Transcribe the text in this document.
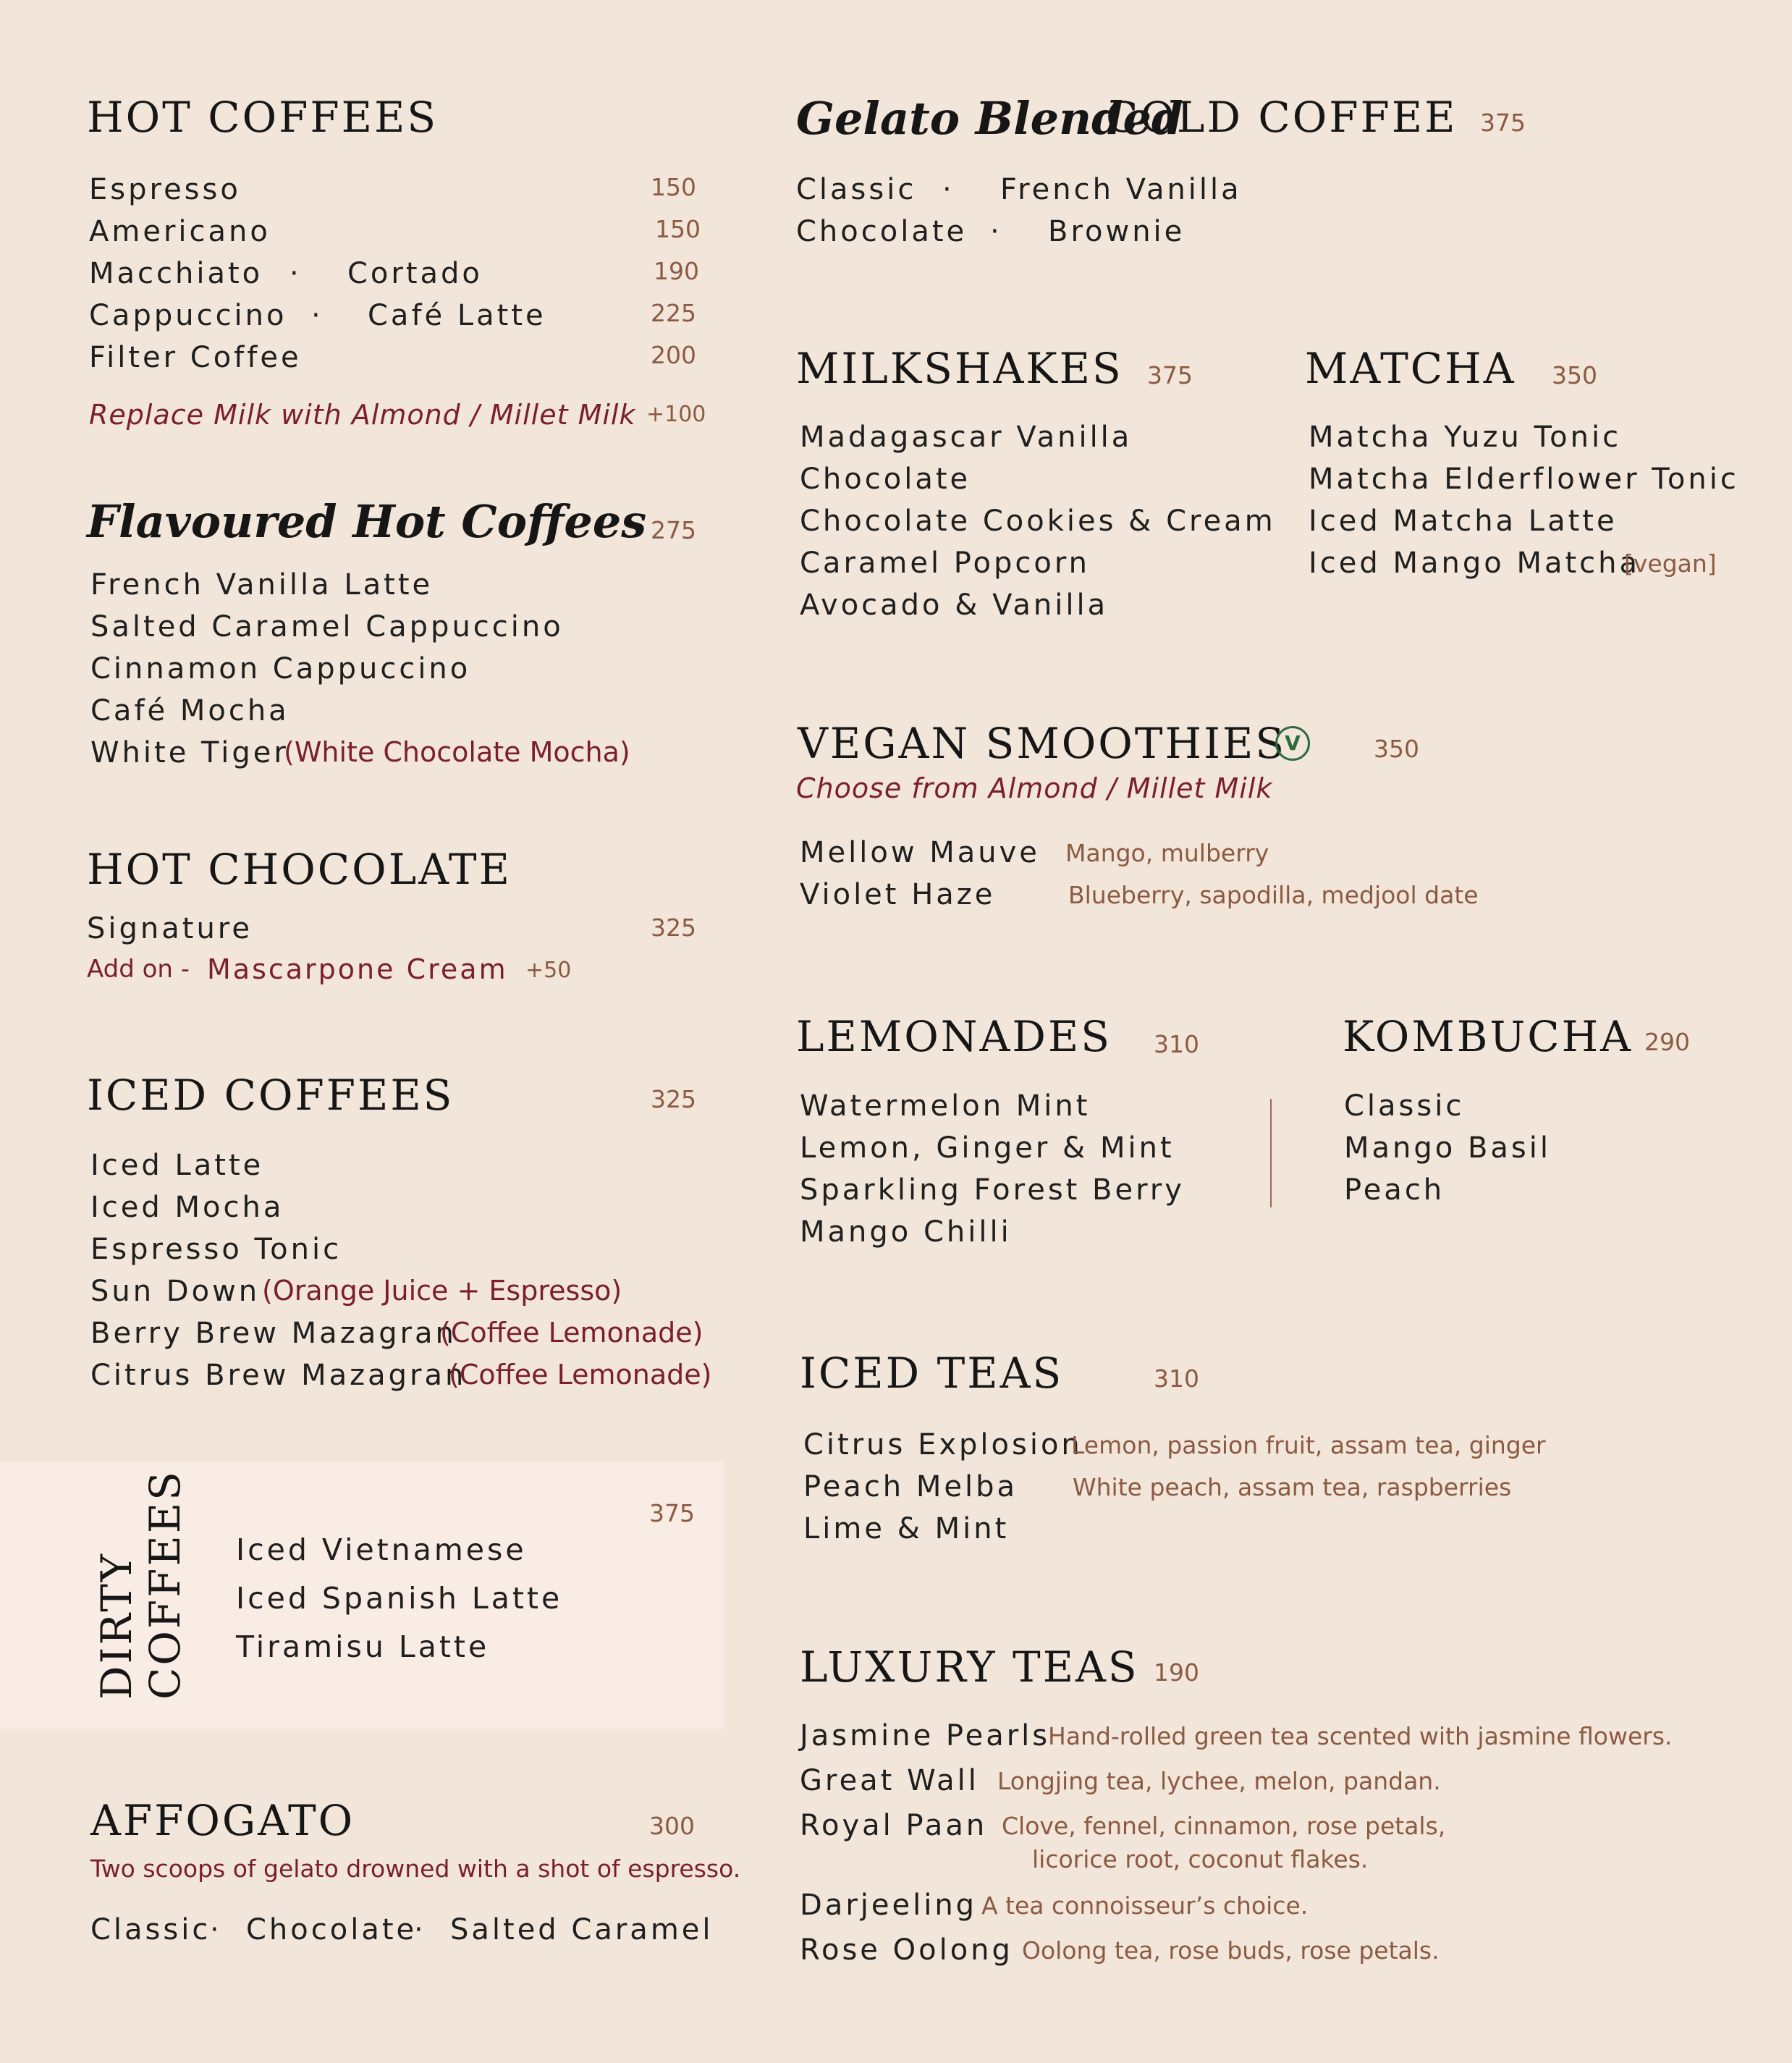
HOT COFFEES
Espresso	150
Americano	150
Macchiato · Cortado	190
Cappuccino · Café Latte	225
Filter Coffee	200
Replace Milk with Almond / Millet Milk +100
Flavoured Hot Coffees 275
French Vanilla Latte
Salted Caramel Cappuccino
Cinnamon Cappuccino
Café Mocha
White Tiger
(White Chocolate Mocha)
HOT CHOCOLATE
Signature	325
Add on - Mascarpone Cream +50
ICED COFFEES	325
Iced Latte
Iced Mocha
Espresso Tonic
Sun Down (Orange Juice + Espresso)
Berry Brew Mazagran
(Coffee Lemonade)
Citrus Brew Mazagran
(Coffee Lemonade)
DIRTY
COFFEES	375
Iced Vietnamese
Iced Spanish Latte
Tiramisu Latte
AFFOGATO	300
Two scoops of gelato drowned with a shot of espresso.
Classic
· Chocolate
· Salted Caramel
Gelato Blended
COLD COFFEE 375
Classic · French Vanilla
Chocolate · Brownie
MILKSHAKES 375
Madagascar Vanilla
Chocolate
Chocolate Cookies & Cream
Caramel Popcorn
Avocado & Vanilla
MATCHA 350
Matcha Yuzu Tonic
Matcha Elderflower Tonic
Iced Matcha Latte
Iced Mango Matcha
[vegan]
VEGAN SMOOTHIES
V	350
Choose from Almond / Millet Milk
Mellow Mauve Mango, mulberry
Violet Haze	Blueberry, sapodilla, medjool date
LEMONADES 310
Watermelon Mint
Lemon, Ginger & Mint
Sparkling Forest Berry
Mango Chilli
KOMBUCHA 290
Classic
Mango Basil
Peach
ICED TEAS	310
Citrus Explosion
Lemon, passion fruit, assam tea, ginger
Peach Melba White peach, assam tea, raspberries
Lime & Mint
LUXURY TEAS 190
Jasmine Pearls
Hand-rolled green tea scented with jasmine flowers.
Great Wall Longjing tea, lychee, melon, pandan.
Royal Paan Clove, fennel, cinnamon, rose petals,
licorice root, coconut flakes.
Darjeeling A tea connoisseur’s choice.
Rose Oolong Oolong tea, rose buds, rose petals.
